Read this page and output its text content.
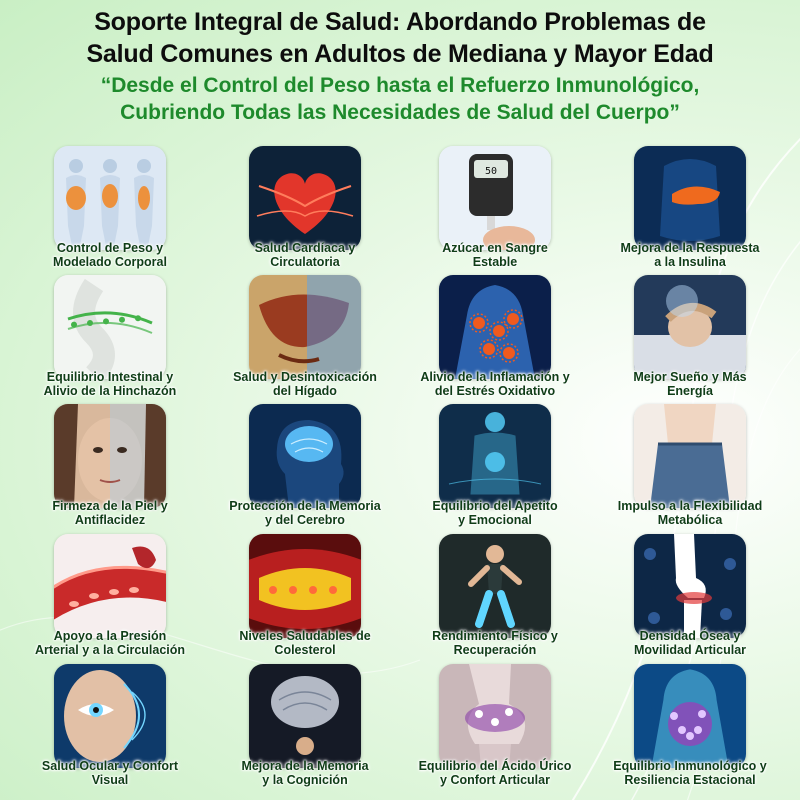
Soporte Integral de Salud: Abordando Problemas de
Salud Comunes en Adultos de Mediana y Mayor Edad
“Desde el Control del Peso hasta el Refuerzo Inmunológico,
Cubriendo Todas las Necesidades de Salud del Cuerpo”
Control de Peso y
Modelado Corporal
Salud Cardíaca y
Circulatoria
50
Azúcar en Sangre
Estable
Mejora de la Respuesta
a la Insulina
Equilibrio Intestinal y
Alivio de la Hinchazón
Salud y Desintoxicación
del Hígado
Alivio de la Inflamación y
del Estrés Oxidativo
Mejor Sueño y Más
Energía
Firmeza de la Piel y
Antiflacidez
Protección de la Memoria
y del Cerebro
Equilibrio del Apetito
y Emocional
Impulso a la Flexibilidad
Metabólica
Apoyo a la Presión
Arterial y a la Circulación
Niveles Saludables de
Colesterol
Rendimiento Físico y
Recuperación
Densidad Ósea y
Movilidad Articular
Salud Ocular y Confort
Visual
Mejora de la Memoria
y la Cognición
Equilibrio del Ácido Úrico
y Confort Articular
Equilibrio Inmunológico y
Resiliencia Estacional
